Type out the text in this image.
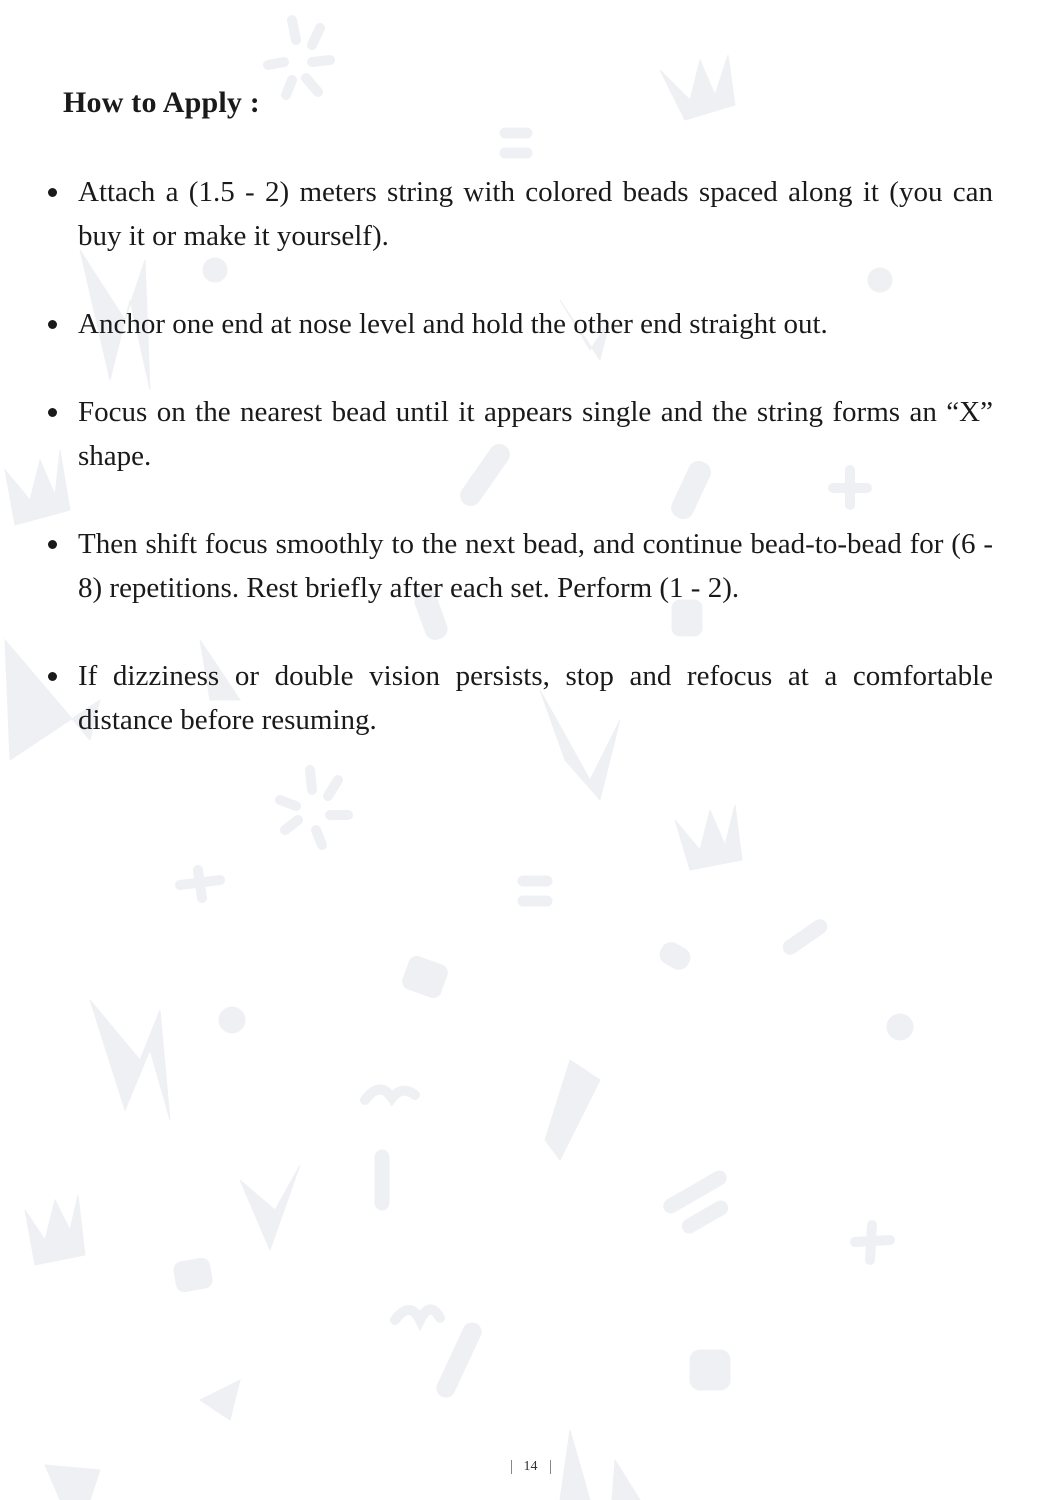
How to Apply :
Attach a (1.5 - 2) meters string with colored beads spaced along it (you can buy it or make it yourself).
Anchor one end at nose level and hold the other end straight out.
Focus on the nearest bead until it appears single and the string forms an “X” shape.
Then shift focus smoothly to the next bead, and continue bead-to-bead for (6 - 8) repetitions. Rest briefly after each set. Perform (1 - 2).
If dizziness or double vision persists, stop and refocus at a comfortable distance before resuming.
14
